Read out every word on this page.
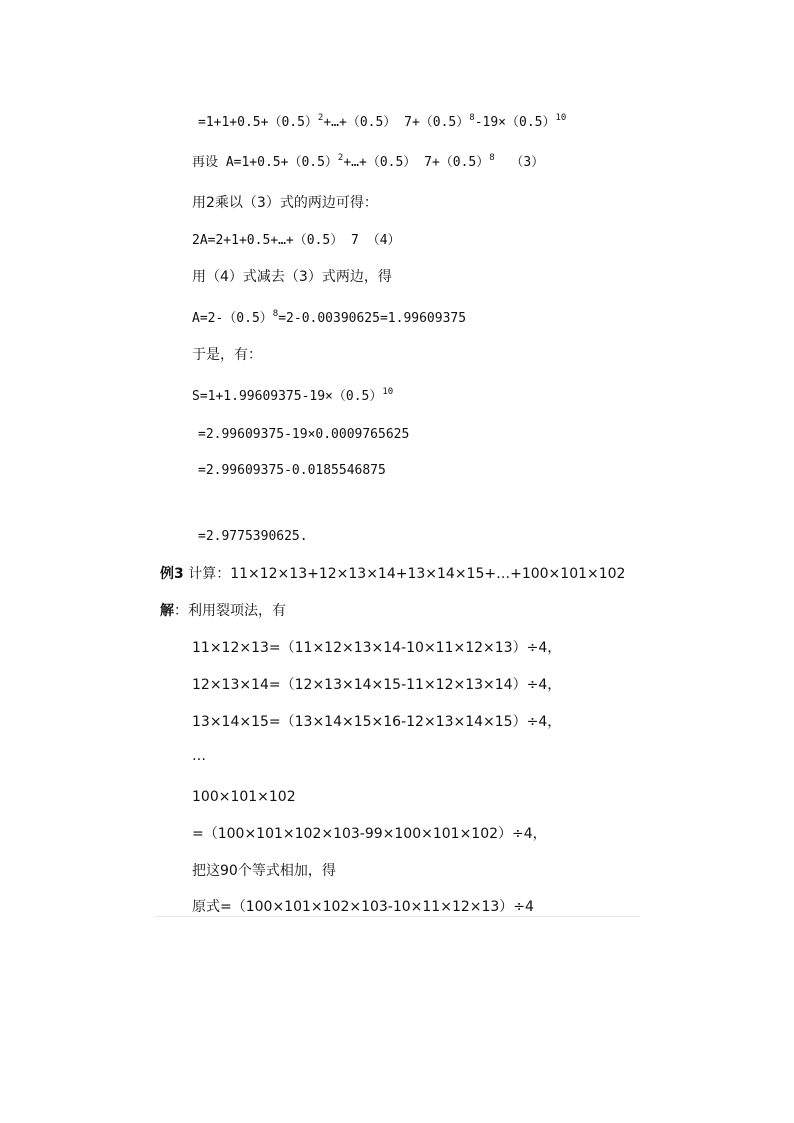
$=1+1+0.5+(0.5)^2+\dots+(0.5)$ $7+(0.5)^8-19\times(0.5)^{10}$
再设 $A=1+0.5+(0.5)^2+\dots+(0.5)$ $7+(0.5)^8$  （3）
用2乘以（3）式的两边可得：
2A=2+1+0.5+…+（0.5） 7 （4）
用（4）式减去（3）式两边，得
$A=2-(0.5)^8=2-0.00390625=1.99609375$
于是，有：
$S=1+1.99609375-19\times(0.5)^{10}$
=2.99609375-19×0.0009765625
=2.99609375-0.0185546875
=2.9775390625.
例3 计算：11×12×13+12×13×14+13×14×15+…+100×101×102
解：利用裂项法，有
11×12×13=（11×12×13×14-10×11×12×13）÷4，
12×13×14=（12×13×14×15-11×12×13×14）÷4，
13×14×15=（13×14×15×16-12×13×14×15）÷4，
…
100×101×102
=（100×101×102×103-99×100×101×102）÷4，
把这90个等式相加，得
原式=（100×101×102×103-10×11×12×13）÷4
